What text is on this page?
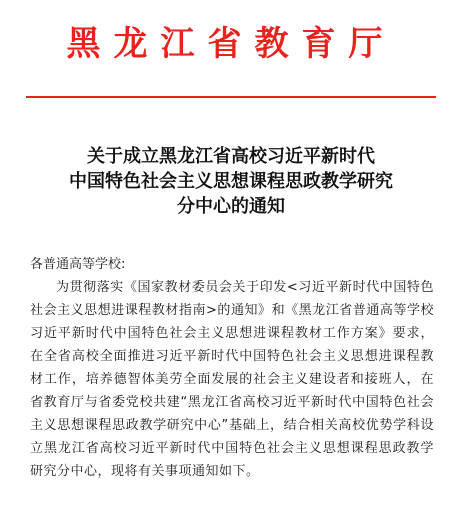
黑龙江省教育厅
关于成立黑龙江省高校习近平新时代
中国特色社会主义思想课程思政教学研究
分中心的通知
各普通高等学校:

为贯彻落实《国家教材委员会关于印发<习近平新时代中国特色社会主义思想进课程教材指南>的通知》和《黑龙江省普通高等学校习近平新时代中国特色社会主义思想进课程教材工作方案》要求，在全省高校全面推进习近平新时代中国特色社会主义思想进课程教材工作，培养德智体美劳全面发展的社会主义建设者和接班人，在省教育厅与省委党校共建“黑龙江省高校习近平新时代中国特色社会主义思想课程思政教学研究中心”基础上，结合相关高校优势学科设立黑龙江省高校习近平新时代中国特色社会主义思想课程思政教学研究分中心，现将有关事项通知如下。
